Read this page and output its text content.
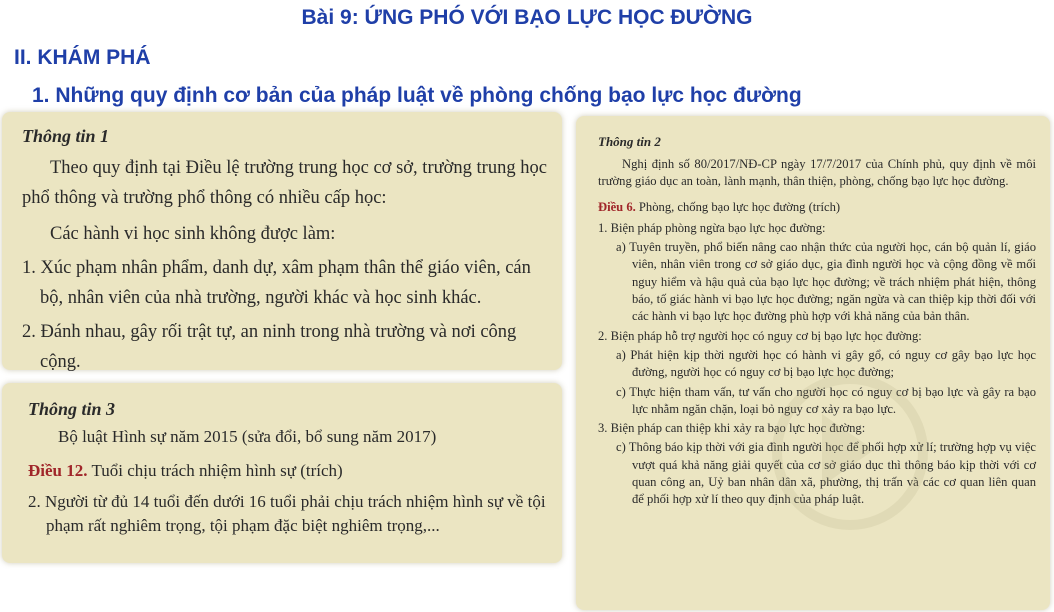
Bài 9: ỨNG PHÓ VỚI BẠO LỰC HỌC ĐƯỜNG
II. KHÁM PHÁ
1. Những quy định cơ bản của pháp luật về phòng chống bạo lực học đường

Thông tin 1

Theo quy định tại Điều lệ trường trung học cơ sở, trường trung học phổ thông và trường phổ thông có nhiều cấp học:

Các hành vi học sinh không được làm:

1. Xúc phạm nhân phẩm, danh dự, xâm phạm thân thể giáo viên, cán bộ, nhân viên của nhà trường, người khác và học sinh khác.

2. Đánh nhau, gây rối trật tự, an ninh trong nhà trường và nơi công cộng.

Thông tin 3

Bộ luật Hình sự năm 2015 (sửa đổi, bổ sung năm 2017)

Điều 12. Tuổi chịu trách nhiệm hình sự (trích)

2. Người từ đủ 14 tuổi đến dưới 16 tuổi phải chịu trách nhiệm hình sự về tội phạm rất nghiêm trọng, tội phạm đặc biệt nghiêm trọng,...

Thông tin 2

Nghị định số 80/2017/NĐ-CP ngày 17/7/2017 của Chính phủ, quy định về môi trường giáo dục an toàn, lành mạnh, thân thiện, phòng, chống bạo lực học đường.

Điều 6. Phòng, chống bạo lực học đường (trích)

1. Biện pháp phòng ngừa bạo lực học đường:

a) Tuyên truyền, phổ biến nâng cao nhận thức của người học, cán bộ quản lí, giáo viên, nhân viên trong cơ sở giáo dục, gia đình người học và cộng đồng về mối nguy hiểm và hậu quả của bạo lực học đường; về trách nhiệm phát hiện, thông báo, tố giác hành vi bạo lực học đường; ngăn ngừa và can thiệp kịp thời đối với các hành vi bạo lực học đường phù hợp với khả năng của bản thân.

2. Biện pháp hỗ trợ người học có nguy cơ bị bạo lực học đường:

a) Phát hiện kịp thời người học có hành vi gây gổ, có nguy cơ gây bạo lực học đường, người học có nguy cơ bị bạo lực học đường;

c) Thực hiện tham vấn, tư vấn cho người học có nguy cơ bị bạo lực và gây ra bạo lực nhằm ngăn chặn, loại bỏ nguy cơ xảy ra bạo lực.

3. Biện pháp can thiệp khi xảy ra bạo lực học đường:

c) Thông báo kịp thời với gia đình người học để phối hợp xử lí; trường hợp vụ việc vượt quá khả năng giải quyết của cơ sở giáo dục thì thông báo kịp thời với cơ quan công an, Uỷ ban nhân dân xã, phường, thị trấn và các cơ quan liên quan để phối hợp xử lí theo quy định của pháp luật.
